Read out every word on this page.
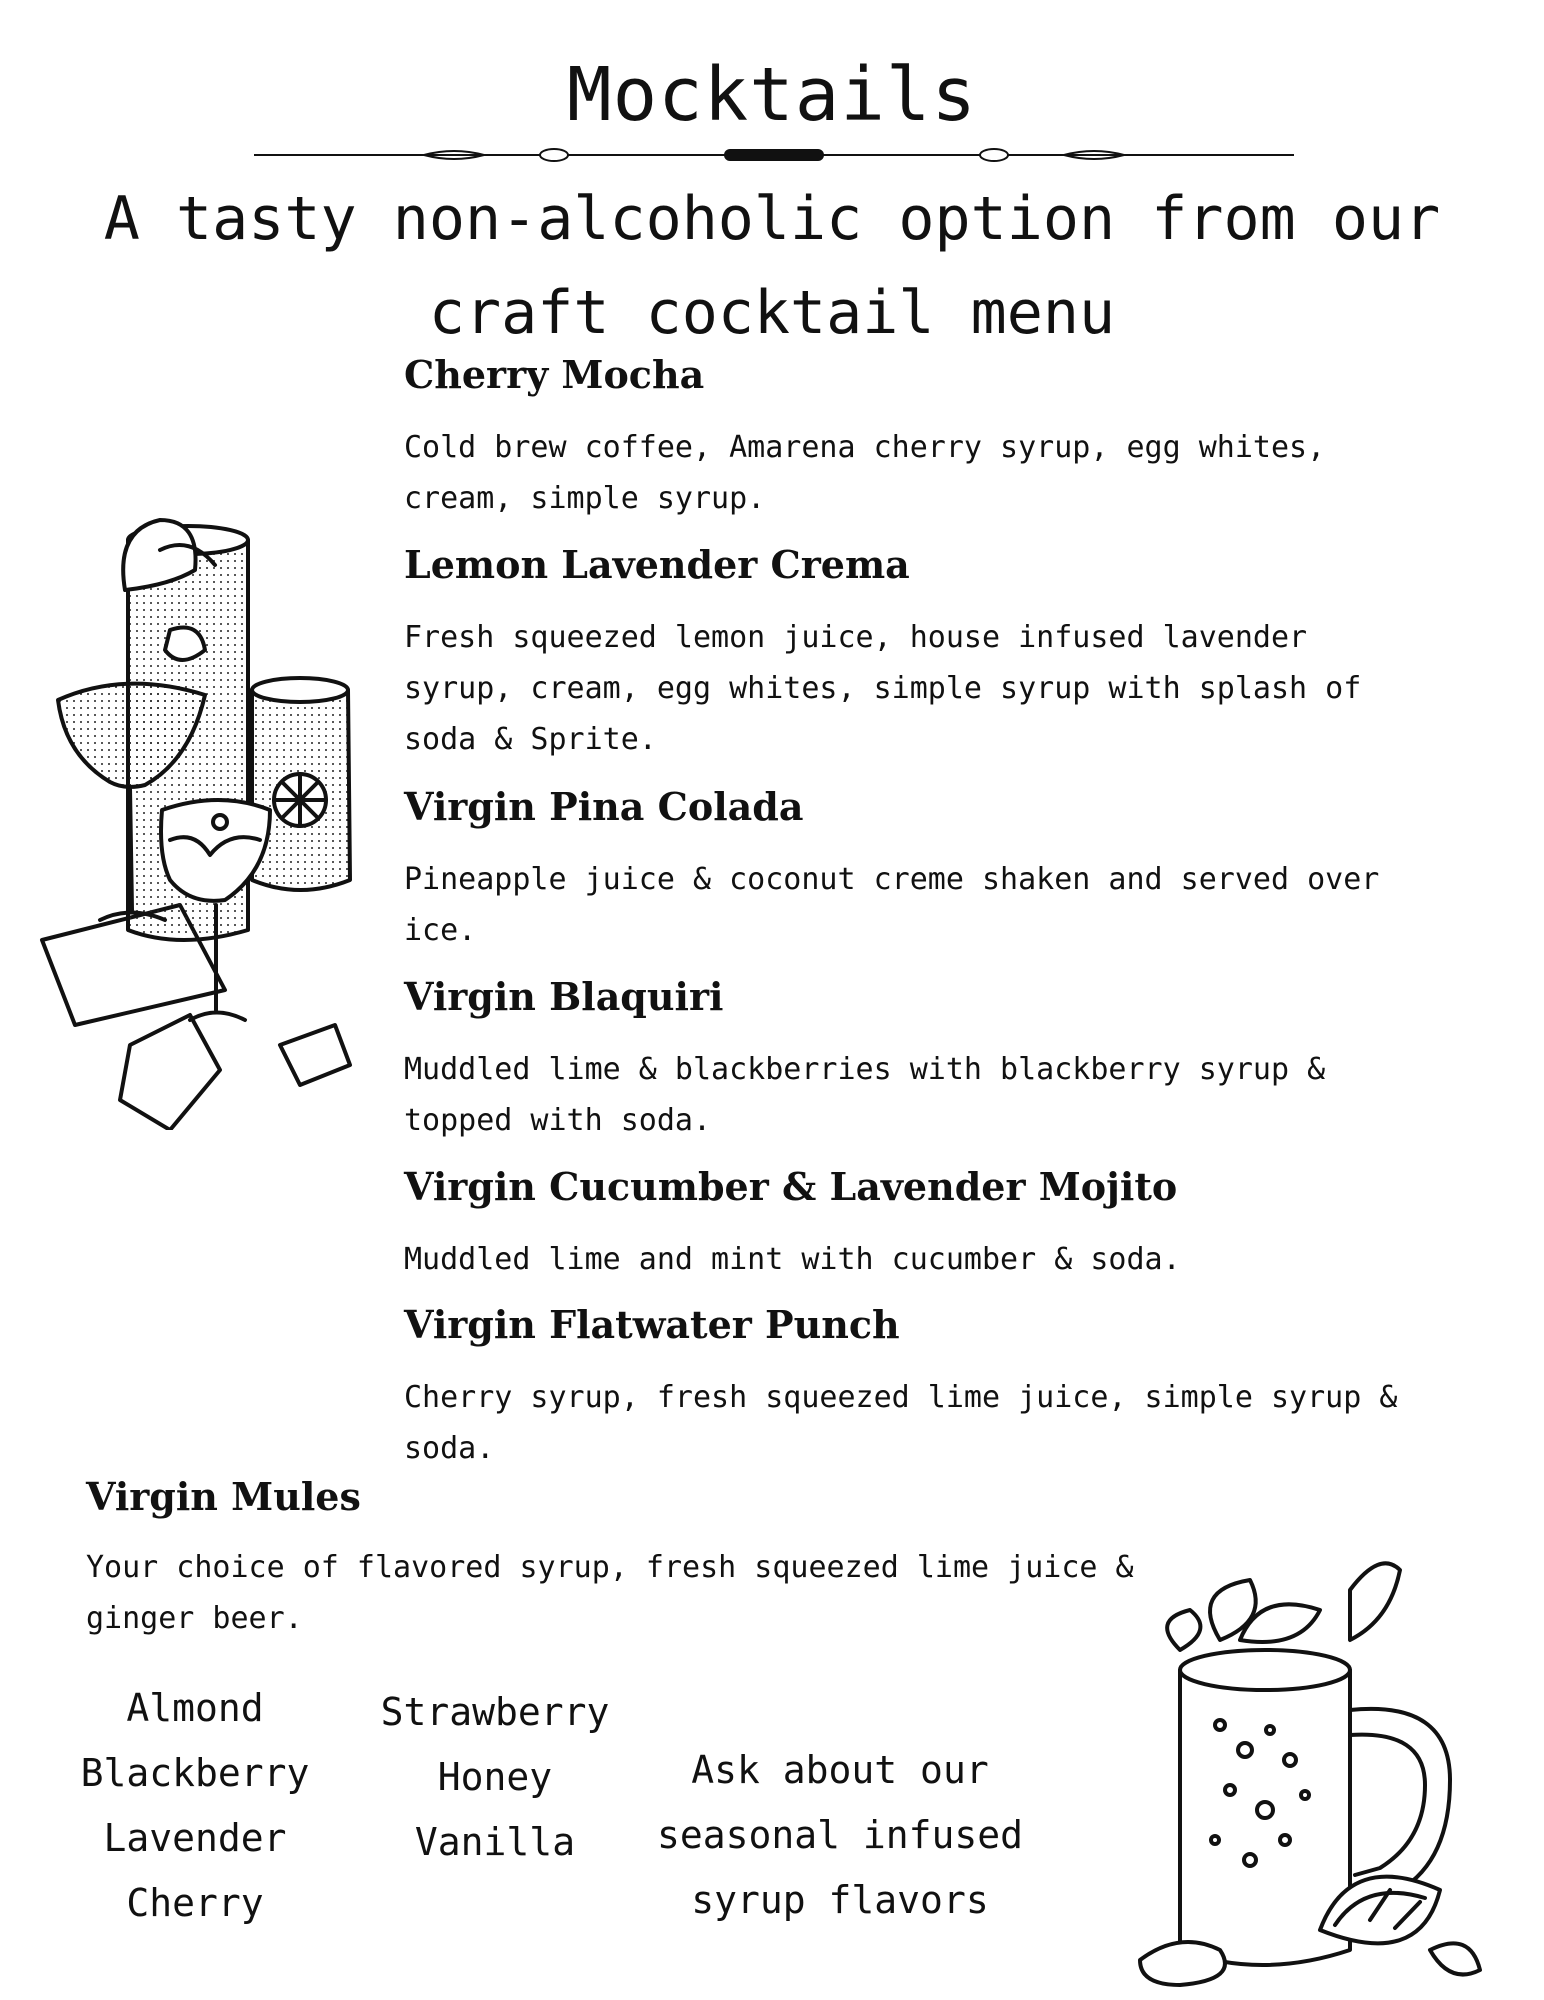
Mocktails
A tasty non-alcoholic option from our craft cocktail menu
Cherry Mocha
Cold brew coffee, Amarena cherry syrup, egg whites, cream, simple syrup.
Lemon Lavender Crema
Fresh squeezed lemon juice, house infused lavender syrup, cream, egg whites, simple syrup with splash of soda & Sprite.
Virgin Pina Colada
Pineapple juice & coconut creme shaken and served over ice.
Virgin Blaquiri
Muddled lime & blackberries with blackberry syrup & topped with soda.
Virgin Cucumber & Lavender Mojito
Muddled lime and mint with cucumber & soda.
Virgin Flatwater Punch
Cherry syrup, fresh squeezed lime juice, simple syrup & soda.
Virgin Mules
Your choice of flavored syrup, fresh squeezed lime juice & ginger beer.
Almond
Blackberry
Lavender
Cherry
Strawberry
Honey
Vanilla
Ask about our seasonal infused syrup flavors
